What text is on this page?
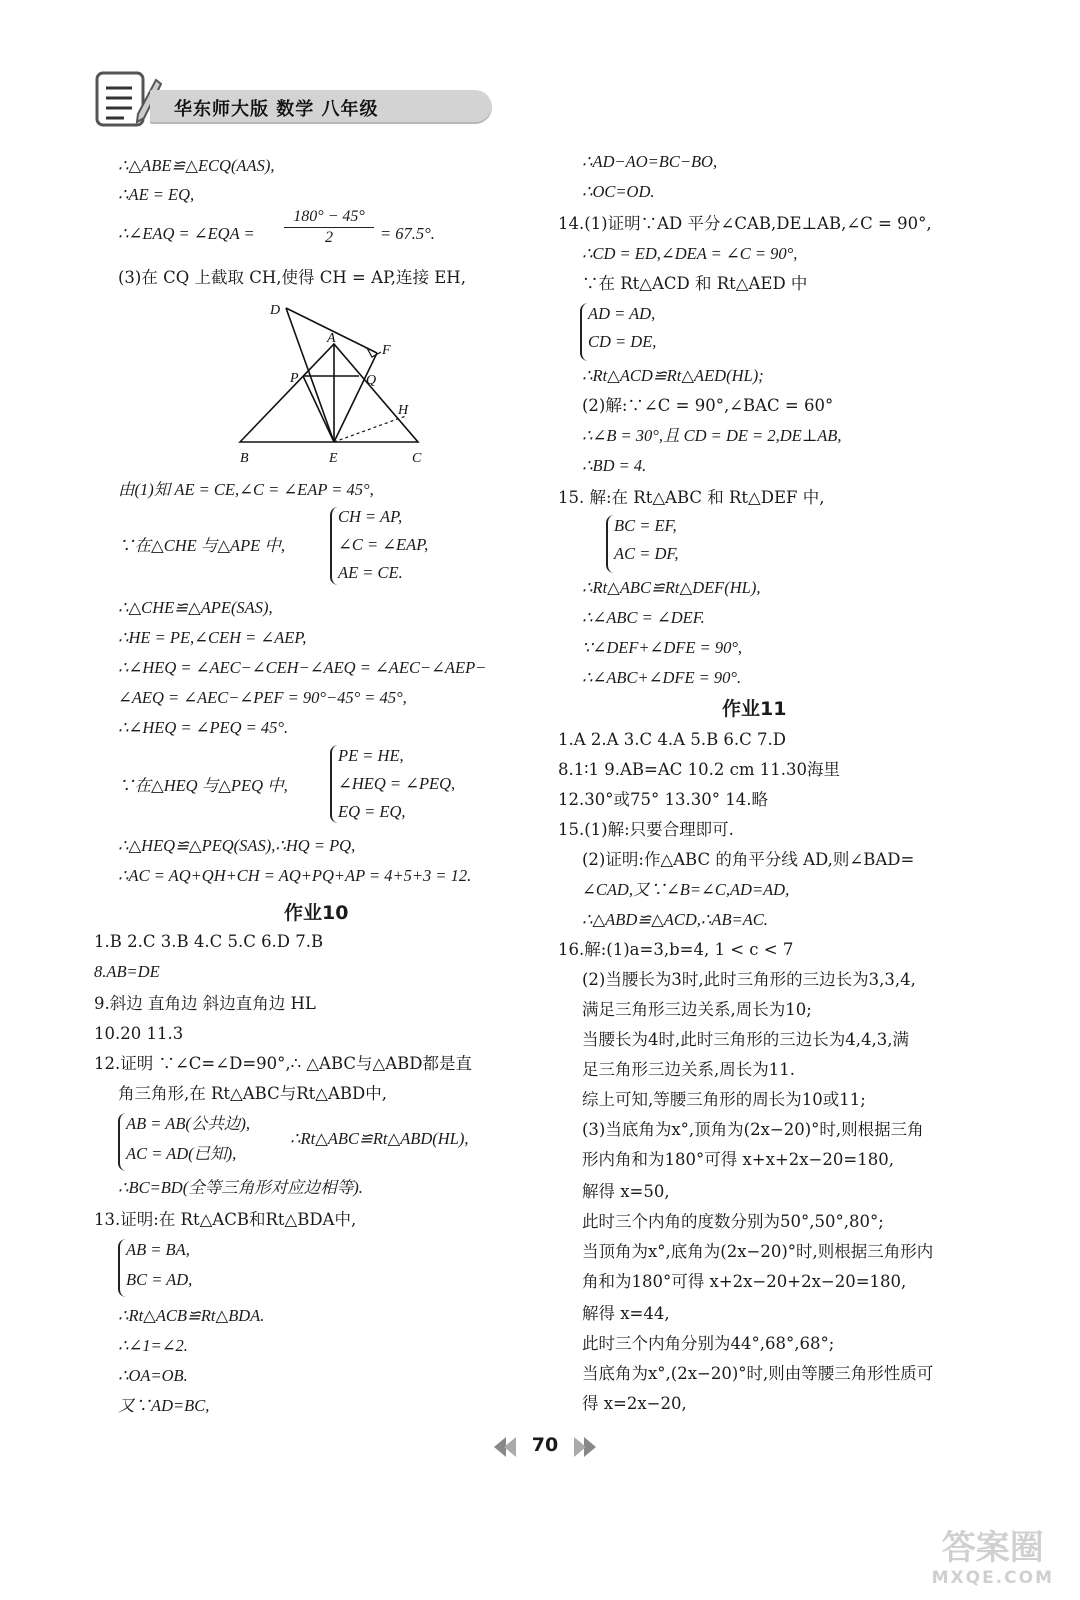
华东师大版 数学 八年级
∴△ABE≌△ECQ(AAS),
∴AE = EQ,
∴∠EAQ = ∠EQA = $\frac{180^\circ - 45^\circ}{2} = 67.5^\circ$.
(3)在 CQ 上截取 CH,使得 CH = AP,连接 EH,
D
A
F
P	Q
H
B	E	C
由(1)知 AE = CE,∠C = ∠EAP = 45°,
∵在△CHE 与△APE 中,
CH = AP,
∠C = ∠EAP,
AE = CE.
∴△CHE≌△APE(SAS),
∴HE = PE,∠CEH = ∠AEP,
∴∠HEQ = ∠AEC−∠CEH−∠AEQ = ∠AEC−∠AEP−
∠AEQ = ∠AEC−∠PEF = 90°−45° = 45°,
∴∠HEQ = ∠PEQ = 45°.
∵在△HEQ 与△PEQ 中,
PE = HE,
∠HEQ = ∠PEQ,
EQ = EQ,
∴△HEQ≌△PEQ(SAS),∴HQ = PQ,
∴AC = AQ+QH+CH = AQ+PQ+AP = 4+5+3 = 12.
作业10
1.B 2.C 3.B 4.C 5.C 6.D 7.B
8.AB=DE
9.斜边 直角边 斜边直角边 HL
10.20 11.3
12.证明 ∵∠C=∠D=90°,∴ △ABC与△ABD都是直
角三角形,在 Rt△ABC与Rt△ABD中,
AB = AB(公共边),
AC = AD(已知),
∴Rt△ABC≌Rt△ABD(HL),
∴BC=BD(全等三角形对应边相等).
13.证明:在 Rt△ACB和Rt△BDA中,
AB = BA,
BC = AD,
∴Rt△ACB≌Rt△BDA.
∴∠1=∠2.
∴OA=OB.
又∵AD=BC,
∴AD−AO=BC−BO,
∴OC=OD.
14.(1)证明∵AD 平分∠CAB,DE⊥AB,∠C = 90°,
∴CD = ED,∠DEA = ∠C = 90°,
∵在 Rt△ACD 和 Rt△AED 中
AD = AD,
CD = DE,
∴Rt△ACD≌Rt△AED(HL);
(2)解:∵∠C = 90°,∠BAC = 60°
∴∠B = 30°,且 CD = DE = 2,DE⊥AB,
∴BD = 4.
15. 解:在 Rt△ABC 和 Rt△DEF 中,
BC = EF,
AC = DF,
∴Rt△ABC≌Rt△DEF(HL),
∴∠ABC = ∠DEF.
∵∠DEF+∠DFE = 90°,
∴∠ABC+∠DFE = 90°.
作业11
1.A 2.A 3.C 4.A 5.B 6.C 7.D
8.1∶1 9.AB=AC 10.2 cm 11.30海里
12.30°或75° 13.30° 14.略
15.(1)解:只要合理即可.
(2)证明:作△ABC 的角平分线 AD,则∠BAD=
∠CAD,又∵∠B=∠C,AD=AD,
∴△ABD≌△ACD,∴AB=AC.
16.解:(1)a=3,b=4, 1 < c < 7
(2)当腰长为3时,此时三角形的三边长为3,3,4,
满足三角形三边关系,周长为10;
当腰长为4时,此时三角形的三边长为4,4,3,满
足三角形三边关系,周长为11.
综上可知,等腰三角形的周长为10或11;
(3)当底角为x°,顶角为(2x−20)°时,则根据三角
形内角和为180°可得 x+x+2x−20=180,
解得 x=50,
此时三个内角的度数分别为50°,50°,80°;
当顶角为x°,底角为(2x−20)°时,则根据三角形内
角和为180°可得 x+2x−20+2x−20=180,
解得 x=44,
此时三个内角分别为44°,68°,68°;
当底角为x°,(2x−20)°时,则由等腰三角形性质可
得 x=2x−20,
70
答案圈
MXQE.COM
